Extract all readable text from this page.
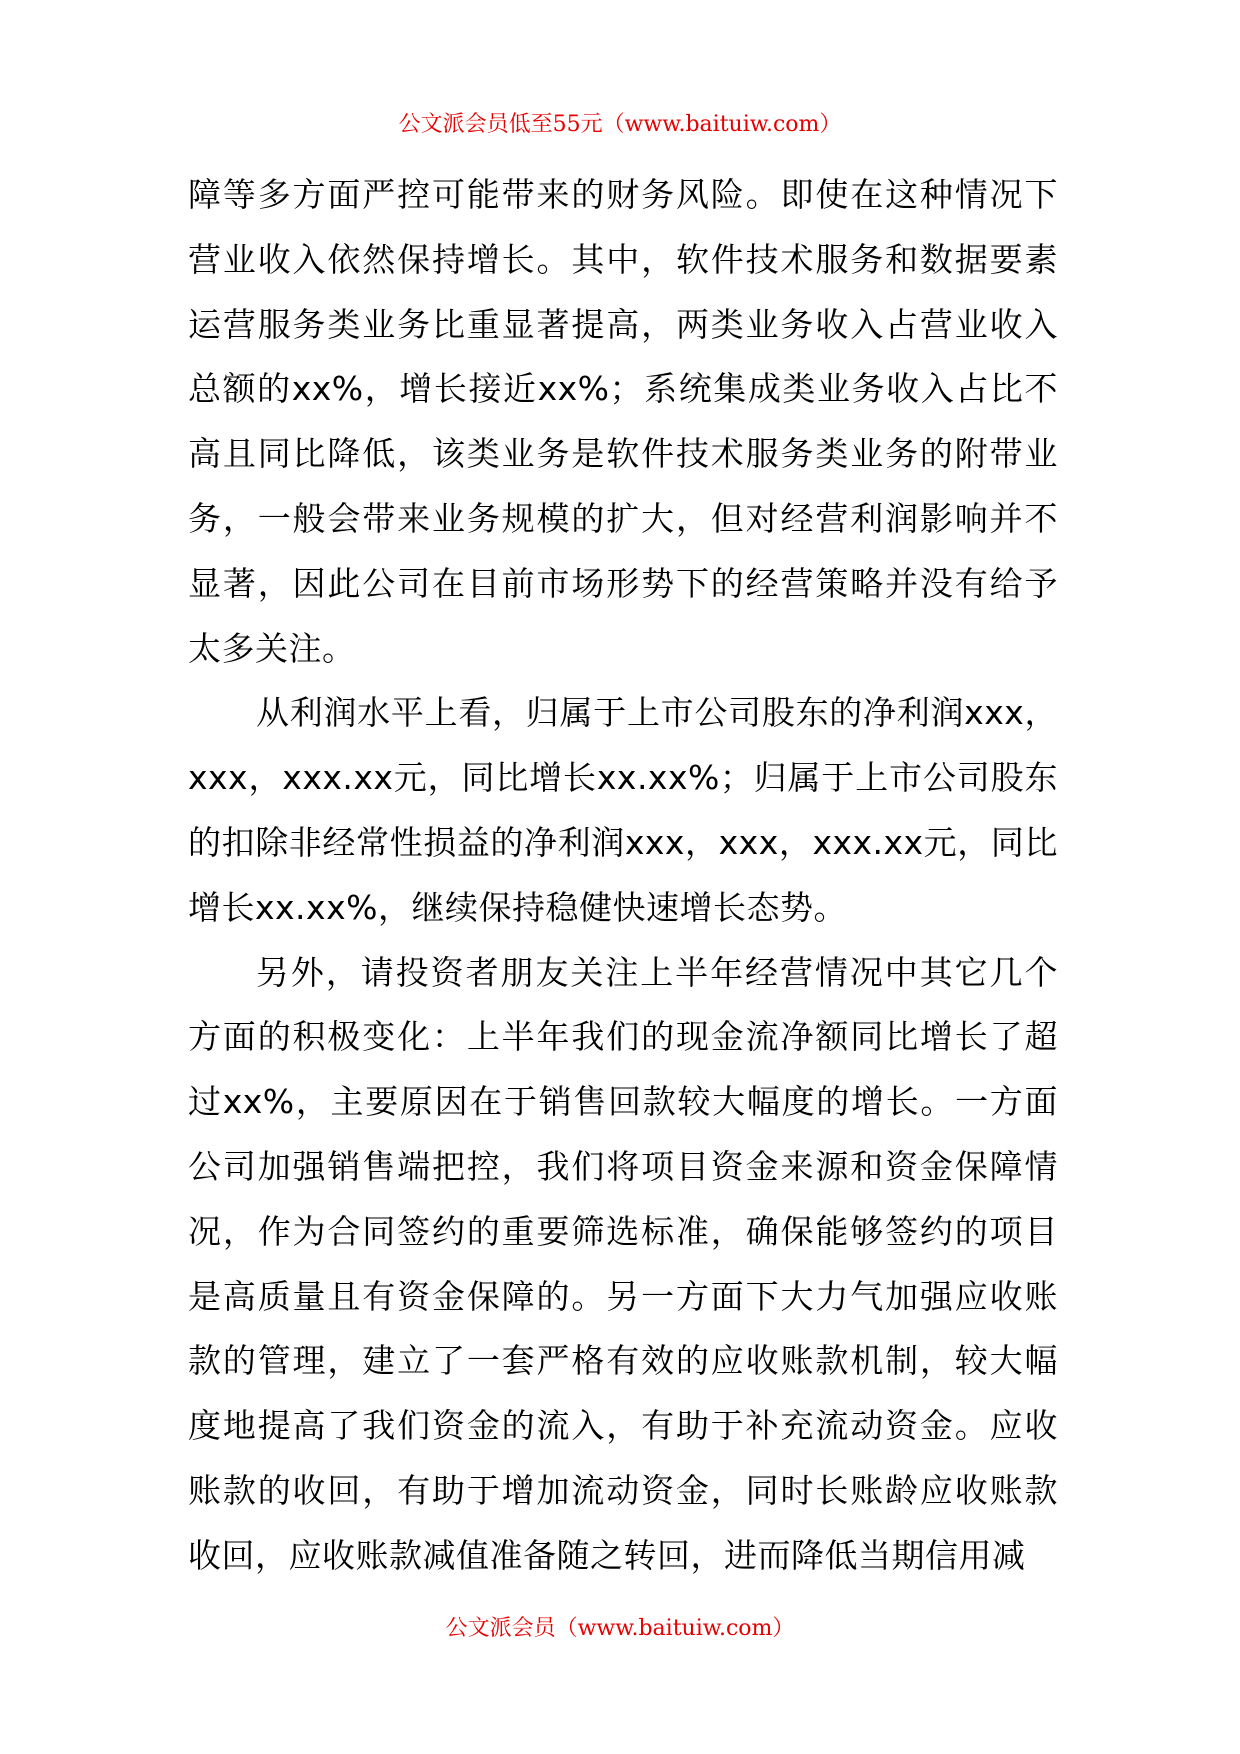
公文派会员低至55元（www.baituiw.com）

障等多方面严控可能带来的财务风险。即使在这种情况下营业收入依然保持增长。其中，软件技术服务和数据要素运营服务类业务比重显著提高，两类业务收入占营业收入总额的xx%，增长接近xx%；系统集成类业务收入占比不高且同比降低，该类业务是软件技术服务类业务的附带业务，一般会带来业务规模的扩大，但对经营利润影响并不显著，因此公司在目前市场形势下的经营策略并没有给予太多关注。

从利润水平上看，归属于上市公司股东的净利润xxx，xxx，xxx.xx元，同比增长xx.xx%；归属于上市公司股东的扣除非经常性损益的净利润xxx，xxx，xxx.xx元，同比增长xx.xx%，继续保持稳健快速增长态势。

另外，请投资者朋友关注上半年经营情况中其它几个方面的积极变化：上半年我们的现金流净额同比增长了超过xx%，主要原因在于销售回款较大幅度的增长。一方面公司加强销售端把控，我们将项目资金来源和资金保障情况，作为合同签约的重要筛选标准，确保能够签约的项目是高质量且有资金保障的。另一方面下大力气加强应收账款的管理，建立了一套严格有效的应收账款机制，较大幅度地提高了我们资金的流入，有助于补充流动资金。应收账款的收回，有助于增加流动资金，同时长账龄应收账款收回，应收账款减值准备随之转回，进而降低当期信用减

公文派会员（www.baituiw.com）
